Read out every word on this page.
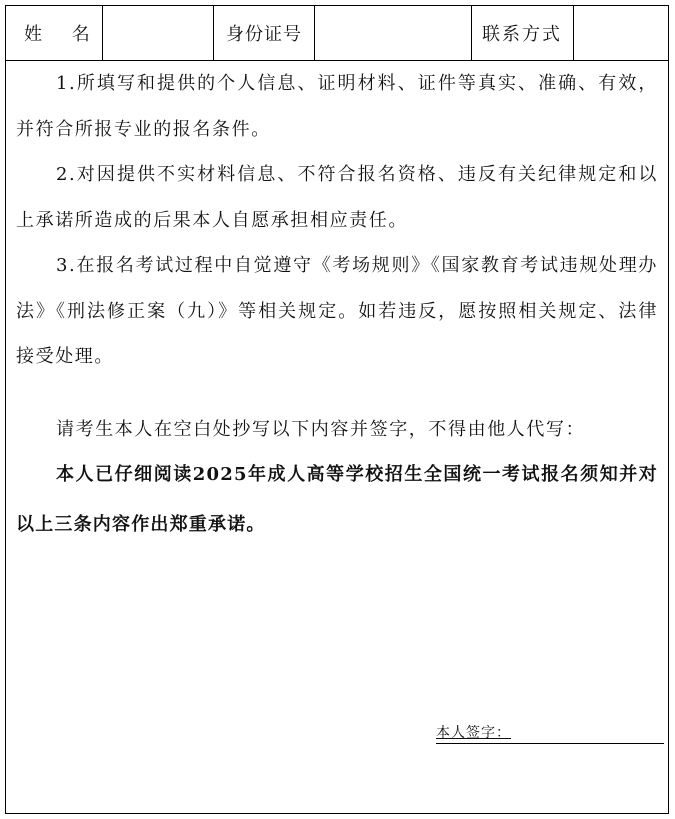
姓 名	身份证号	联系方式

1.所填写和提供的个人信息、证明材料、证件等真实、准确、有效，并符合所报专业的报名条件。

2.对因提供不实材料信息、不符合报名资格、违反有关纪律规定和以上承诺所造成的后果本人自愿承担相应责任。

3.在报名考试过程中自觉遵守《考场规则》《国家教育考试违规处理办法》《刑法修正案（九）》等相关规定。如若违反，愿按照相关规定、法律接受处理。

请考生本人在空白处抄写以下内容并签字，不得由他人代写：

本人已仔细阅读2025年成人高等学校招生全国统一考试报名须知并对以上三条内容作出郑重承诺。

本人签字：
